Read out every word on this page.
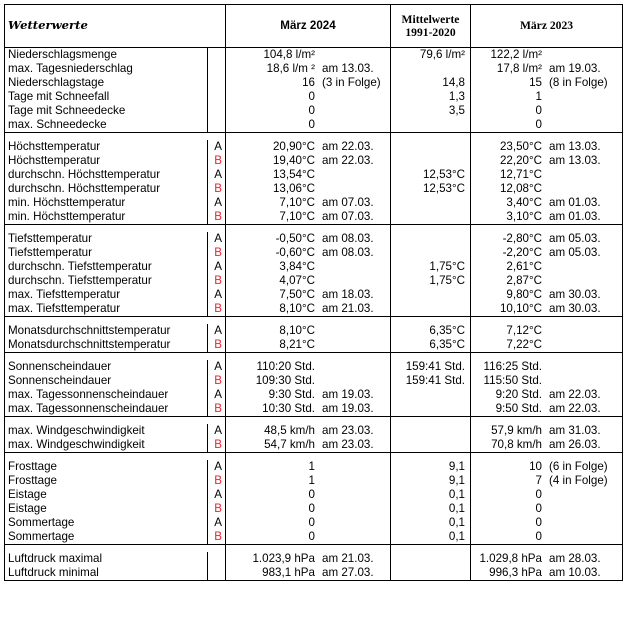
Wetterwerte		März 2024	Mittelwerte
1991-2020	März 2023
Niederschlagsmenge		104,8 l/m²	79,6 l/m²	122,2 l/m²

max. Tagesniederschlag		18,6 l/m ² am 13.03.		17,8 l/m² am 19.03.

Niederschlagstage		16 (3 in Folge)	14,8	15 (8 in Folge)

Tage mit Schneefall		0	1,3	1

Tage mit Schneedecke		0	3,5	0

max. Schneedecke		0		0

Höchsttemperatur	A	20,90°C am 22.03.		23,50°C am 13.03.

Höchsttemperatur	B	19,40°C am 22.03.		22,20°C am 13.03.

durchschn. Höchsttemperatur	A	13,54°C	12,53°C	12,71°C

durchschn. Höchsttemperatur	B	13,06°C	12,53°C	12,08°C

min. Höchsttemperatur	A	7,10°C am 07.03.		3,40°C am 01.03.

min. Höchsttemperatur	B	7,10°C am 07.03.		3,10°C am 01.03.

Tiefsttemperatur	A	-0,50°C am 08.03.		-2,80°C am 05.03.

Tiefsttemperatur	B	-0,60°C am 08.03.		-2,20°C am 05.03.

durchschn. Tiefsttemperatur	A	3,84°C	1,75°C	2,61°C

durchschn. Tiefsttemperatur	B	4,07°C	1,75°C	2,87°C

max. Tiefsttemperatur	A	7,50°C am 18.03.		9,80°C am 30.03.

max. Tiefsttemperatur	B	8,10°C am 21.03.		10,10°C am 30.03.

Monatsdurchschnittstemperatur	A	8,10°C	6,35°C	7,12°C

Monatsdurchschnittstemperatur	B	8,21°C	6,35°C	7,22°C

Sonnenscheindauer	A	110:20 Std.	159:41 Std.	116:25 Std.

Sonnenscheindauer	B	109:30 Std.	159:41 Std.	115:50 Std.

max. Tagessonnenscheindauer	A	9:30 Std. am 19.03.		9:20 Std. am 22.03.

max. Tagessonnenscheindauer	B	10:30 Std. am 19.03.		9:50 Std. am 22.03.

max. Windgeschwindigkeit	A	48,5 km/h am 23.03.		57,9 km/h am 31.03.

max. Windgeschwindigkeit	B	54,7 km/h am 23.03.		70,8 km/h am 26.03.

Frosttage	A	1	9,1	10 (6 in Folge)

Frosttage	B	1	9,1	7 (4 in Folge)

Eistage	A	0	0,1	0

Eistage	B	0	0,1	0

Sommertage	A	0	0,1	0

Sommertage	B	0	0,1	0

Luftdruck maximal		1.023,9 hPa am 21.03.		1.029,8 hPa am 28.03.

Luftdruck minimal		983,1 hPa am 27.03.		996,3 hPa am 10.03.
